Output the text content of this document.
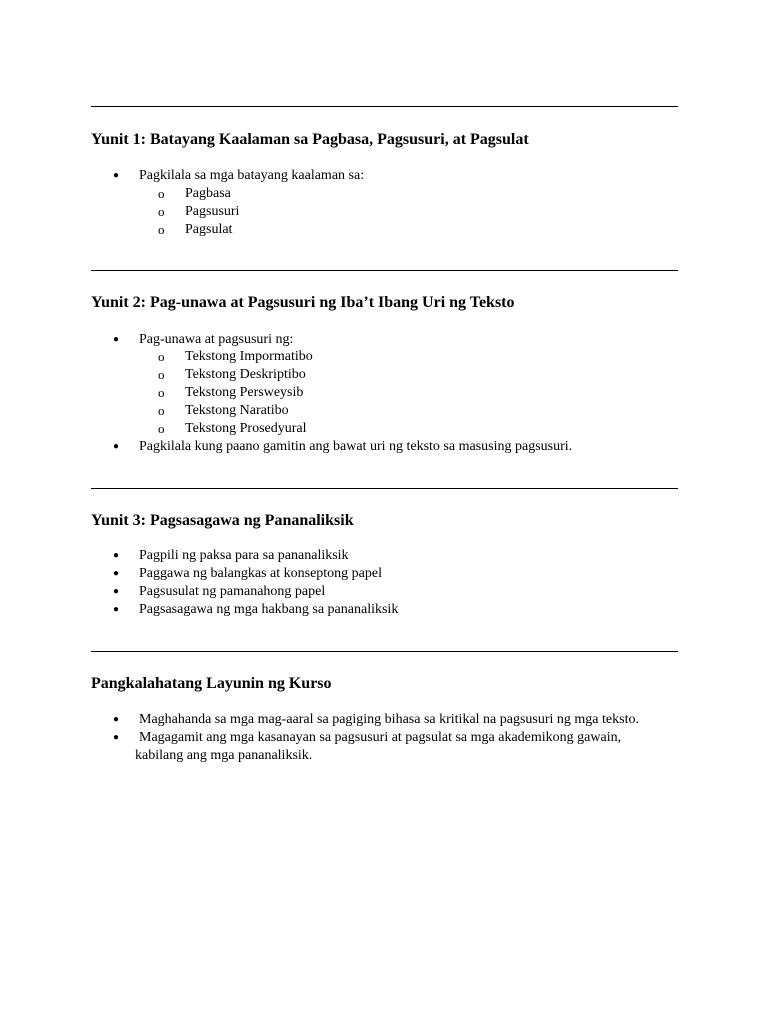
Yunit 1: Batayang Kaalaman sa Pagbasa, Pagsusuri, at Pagsulat
● Pagkilala sa mga batayang kaalaman sa:
o Pagbasa
o Pagsusuri
o Pagsulat
Yunit 2: Pag-unawa at Pagsusuri ng Iba’t Ibang Uri ng Teksto
● Pag-unawa at pagsusuri ng:
o Tekstong Impormatibo
o Tekstong Deskriptibo
o Tekstong Persweysib
o Tekstong Naratibo
o Tekstong Prosedyural
● Pagkilala kung paano gamitin ang bawat uri ng teksto sa masusing pagsusuri.
Yunit 3: Pagsasagawa ng Pananaliksik
● Pagpili ng paksa para sa pananaliksik
● Paggawa ng balangkas at konseptong papel
● Pagsusulat ng pamanahong papel
● Pagsasagawa ng mga hakbang sa pananaliksik
Pangkalahatang Layunin ng Kurso
● Maghahanda sa mga mag-aaral sa pagiging bihasa sa kritikal na pagsusuri ng mga teksto.
● Magagamit ang mga kasanayan sa pagsusuri at pagsulat sa mga akademikong gawain,
kabilang ang mga pananaliksik.
